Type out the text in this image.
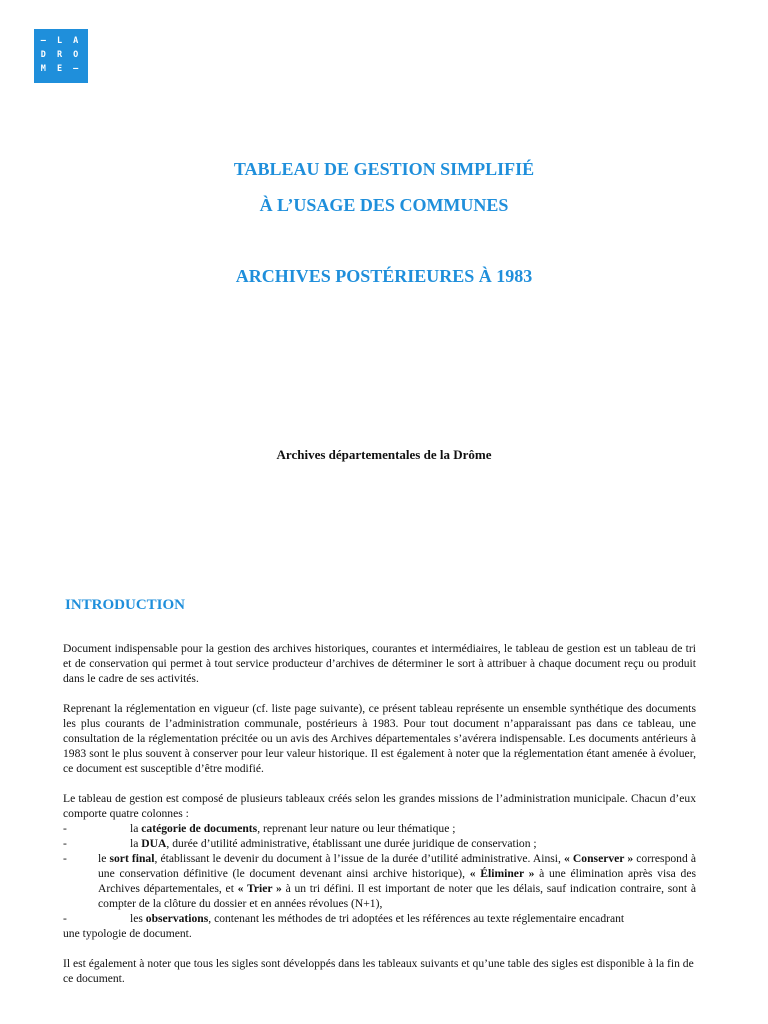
— L A
D R O
M E —
TABLEAU DE GESTION SIMPLIFIÉ
À L’USAGE DES COMMUNES
ARCHIVES POSTÉRIEURES À 1983
Archives départementales de la Drôme
INTRODUCTION

Document indispensable pour la gestion des archives historiques, courantes et intermédiaires, le tableau de gestion est un tableau de tri et de conservation qui permet à tout service producteur d’archives de déterminer le sort à attribuer à chaque document reçu ou produit dans le cadre de ses activités.

Reprenant la réglementation en vigueur (cf. liste page suivante), ce présent tableau représente un ensemble synthétique des documents les plus courants de l’administration communale, postérieurs à 1983. Pour tout document n’apparaissant pas dans ce tableau, une consultation de la réglementation précitée ou un avis des Archives départementales s’avérera indispensable. Les documents antérieurs à 1983 sont le plus souvent à conserver pour leur valeur historique. Il est également à noter que la réglementation étant amenée à évoluer, ce document est susceptible d’être modifié.

Le tableau de gestion est composé de plusieurs tableaux créés selon les grandes missions de l’administration municipale. Chacun d’eux comporte quatre colonnes :
-	la catégorie de documents, reprenant leur nature ou leur thématique ;
-	la DUA, durée d’utilité administrative, établissant une durée juridique de conservation ;
-	le sort final, établissant le devenir du document à l’issue de la durée d’utilité administrative. Ainsi, « Conserver » correspond à une conservation définitive (le document devenant ainsi archive historique), « Éliminer » à une élimination après visa des Archives départementales, et « Trier » à un tri défini. Il est important de noter que les délais, sauf indication contraire, sont à compter de la clôture du dossier et en années révolues (N+1),
-	les observations, contenant les méthodes de tri adoptées et les références au texte réglementaire encadrant
une typologie de document.

Il est également à noter que tous les sigles sont développés dans les tableaux suivants et qu’une table des sigles est disponible à la fin de ce document.
